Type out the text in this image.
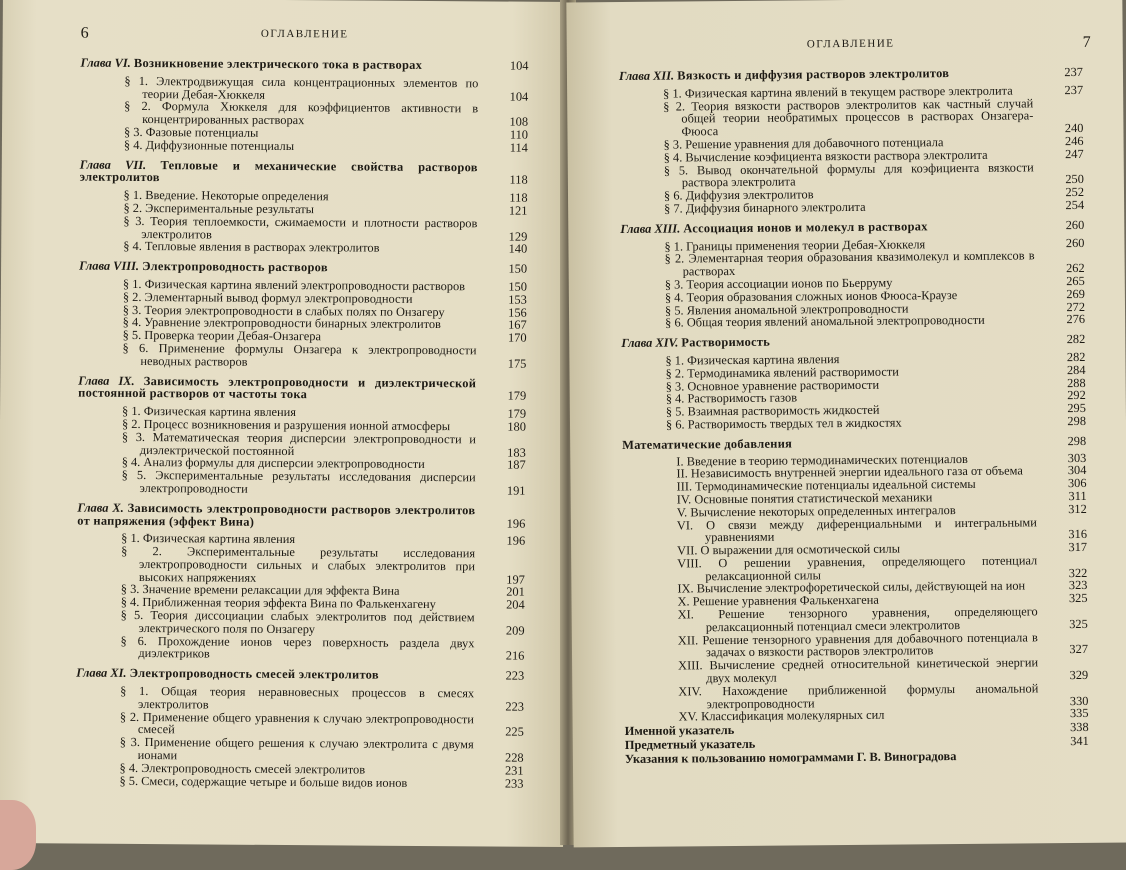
6	ОГЛАВЛЕНИЕ
Глава VI. Возникновение электрического тока в растворах	104
§ 1. Электродвижущая сила концентрационных элементов по теории Дебая-Хюккеля	104
§ 2. Формула Хюккеля для коэффициентов активности в концентрированных растворах	108
§ 3. Фазовые потенциалы	110
§ 4. Диффузионные потенциалы	114
Глава VII. Тепловые и механические свойства растворов электролитов	118
§ 1. Введение. Некоторые определения	118
§ 2. Экспериментальные результаты	121
§ 3. Теория теплоемкости, сжимаемости и плотности растворов электролитов	129
§ 4. Тепловые явления в растворах электролитов	140
Глава VIII. Электропроводность растворов	150
§ 1. Физическая картина явлений электропроводности растворов	150
§ 2. Элементарный вывод формул электропроводности	153
§ 3. Теория электропроводности в слабых полях по Онзагеру	156
§ 4. Уравнение электропроводности бинарных электролитов	167
§ 5. Проверка теории Дебая-Онзагера	170
§ 6. Применение формулы Онзагера к электропроводности неводных растворов	175
Глава IX. Зависимость электропроводности и диэлектрической постоянной растворов от частоты тока	179
§ 1. Физическая картина явления	179
§ 2. Процесс возникновения и разрушения ионной атмосферы	180
§ 3. Математическая теория дисперсии электропроводности и диэлектрической постоянной	183
§ 4. Анализ формулы для дисперсии электропроводности	187
§ 5. Экспериментальные результаты исследования дисперсии электропроводности	191
Глава X. Зависимость электропроводности растворов электролитов от напряжения (эффект Вина)	196
§ 1. Физическая картина явления	196
§ 2. Экспериментальные результаты исследования электропроводности сильных и слабых электролитов при высоких напряжениях	197
§ 3. Значение времени релаксации для эффекта Вина	201
§ 4. Приближенная теория эффекта Вина по Фалькенхагену	204
§ 5. Теория диссоциации слабых электролитов под действием электрического поля по Онзагеру	209
§ 6. Прохождение ионов через поверхность раздела двух диэлектриков	216
Глава XI. Электропроводность смесей электролитов	223
§ 1. Общая теория неравновесных процессов в смесях электролитов	223
§ 2. Применение общего уравнения к случаю электропроводности смесей	225
§ 3. Применение общего решения к случаю электролита с двумя ионами	228
§ 4. Электропроводность смесей электролитов	231
§ 5. Смеси, содержащие четыре и больше видов ионов	233
ОГЛАВЛЕНИЕ	7
Глава XII. Вязкость и диффузия растворов электролитов	237
§ 1. Физическая картина явлений в текущем растворе электролита	237
§ 2. Теория вязкости растворов электролитов как частный случай общей теории необратимых процессов в растворах Онзагера-Фюоса	240
§ 3. Решение уравнения для добавочного потенциала	246
§ 4. Вычисление коэфициента вязкости раствора электролита	247
§ 5. Вывод окончательной формулы для коэфициента вязкости раствора электролита	250
§ 6. Диффузия электролитов	252
§ 7. Диффузия бинарного электролита	254
Глава XIII. Ассоциация ионов и молекул в растворах	260
§ 1. Границы применения теории Дебая-Хюккеля	260
§ 2. Элементарная теория образования квазимолекул и комплексов в растворах	262
§ 3. Теория ассоциации ионов по Бьерруму	265
§ 4. Теория образования сложных ионов Фюоса-Краузе	269
§ 5. Явления аномальной электропроводности	272
§ 6. Общая теория явлений аномальной электропроводности	276
Глава XIV. Растворимость	282
§ 1. Физическая картина явления	282
§ 2. Термодинамика явлений растворимости	284
§ 3. Основное уравнение растворимости	288
§ 4. Растворимость газов	292
§ 5. Взаимная растворимость жидкостей	295
§ 6. Растворимость твердых тел в жидкостях	298
Математические добавления	298
I. Введение в теорию термодинамических потенциалов	303
II. Независимость внутренней энергии идеального газа от объема	304
III. Термодинамические потенциалы идеальной системы	306
IV. Основные понятия статистической механики	311
V. Вычисление некоторых определенных интегралов	312
VI. О связи между диференциальными и интегральными уравнениями	316
VII. О выражении для осмотической силы	317
VIII. О решении уравнения, определяющего потенциал релаксационной силы	322
IX. Вычисление электрофоретической силы, действующей на ион	323
X. Решение уравнения Фалькенхагена	325
XI. Решение тензорного уравнения, определяющего релаксационный потенциал смеси электролитов	325
XII. Решение тензорного уравнения для добавочного потенциала в задачах о вязкости растворов электролитов	327
XIII. Вычисление средней относительной кинетической энергии двух молекул	329
XIV. Нахождение приближенной формулы аномальной электропроводности	330
XV. Классификация молекулярных сил	335
Именной указатель	338
Предметный указатель	341
Указания к пользованию номограммами Г. В. Виноградова
